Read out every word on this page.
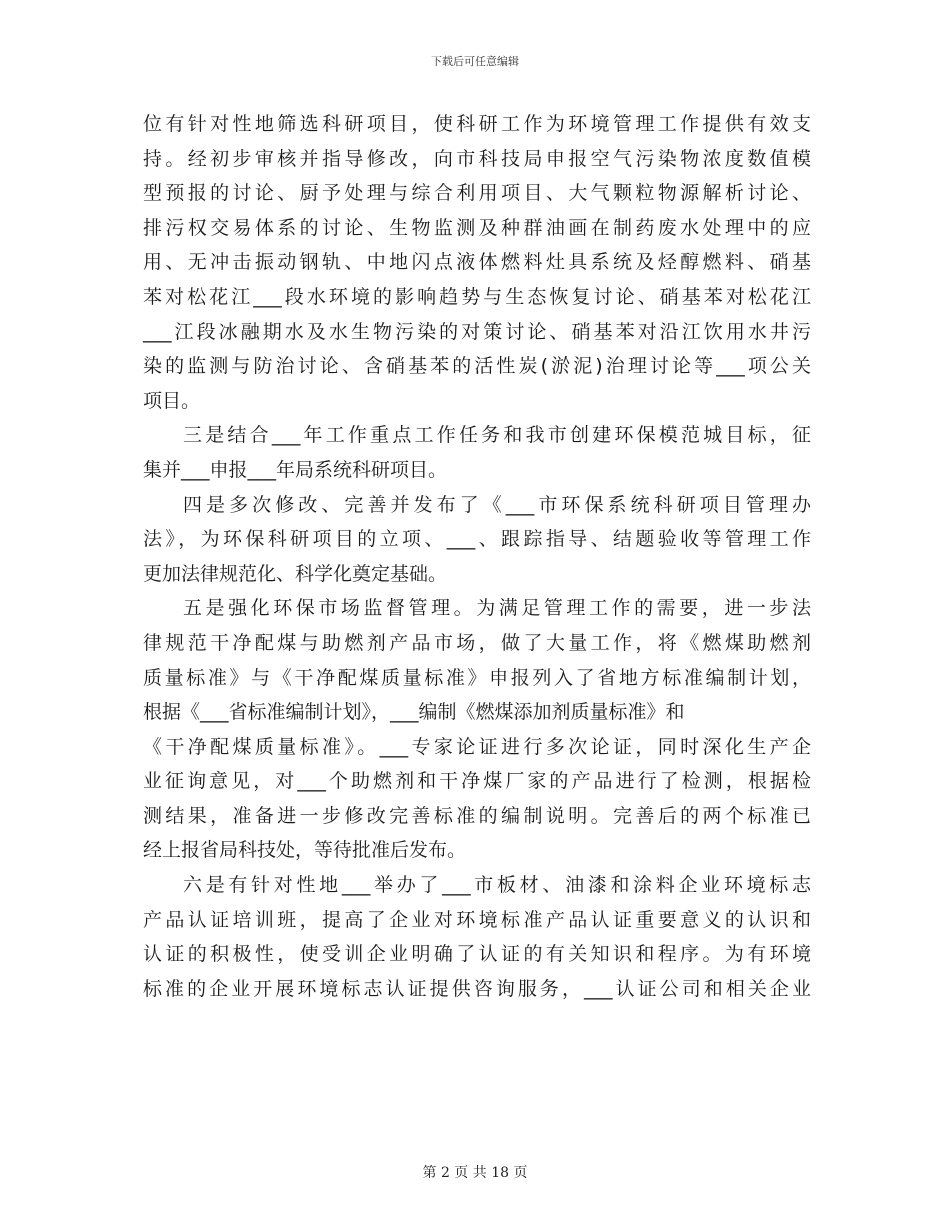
下载后可任意编辑
位有针对性地筛选科研项目，使科研工作为环境管理工作提供有效支
持。经初步审核并指导修改，向市科技局申报空气污染物浓度数值模
型预报的讨论、厨予处理与综合利用项目、大气颗粒物源解析讨论、
排污权交易体系的讨论、生物监测及种群油画在制药废水处理中的应
用、无冲击振动钢轨、中地闪点液体燃料灶具系统及烃醇燃料、硝基
苯对松花江___段水环境的影响趋势与生态恢复讨论、硝基苯对松花江
___江段冰融期水及水生物污染的对策讨论、硝基苯对沿江饮用水井污
染的监测与防治讨论、含硝基苯的活性炭(淤泥)治理讨论等___项公关
项目。
三是结合___年工作重点工作任务和我市创建环保模范城目标，征
集并___申报___年局系统科研项目。
四是多次修改、完善并发布了《___市环保系统科研项目管理办
法》，为环保科研项目的立项、___、跟踪指导、结题验收等管理工作
更加法律规范化、科学化奠定基础。
五是强化环保市场监督管理。为满足管理工作的需要，进一步法
律规范干净配煤与助燃剂产品市场，做了大量工作，将《燃煤助燃剂
质量标准》与《干净配煤质量标准》申报列入了省地方标准编制计划，
根据《___省标准编制计划》，___编制《燃煤添加剂质量标准》和
《干净配煤质量标准》。___专家论证进行多次论证，同时深化生产企
业征询意见，对___个助燃剂和干净煤厂家的产品进行了检测，根据检
测结果，准备进一步修改完善标准的编制说明。完善后的两个标准已
经上报省局科技处，等待批准后发布。
六是有针对性地___举办了___市板材、油漆和涂料企业环境标志
产品认证培训班，提高了企业对环境标准产品认证重要意义的认识和
认证的积极性，使受训企业明确了认证的有关知识和程序。为有环境
标准的企业开展环境标志认证提供咨询服务，___认证公司和相关企业
第 2 页 共 18 页
